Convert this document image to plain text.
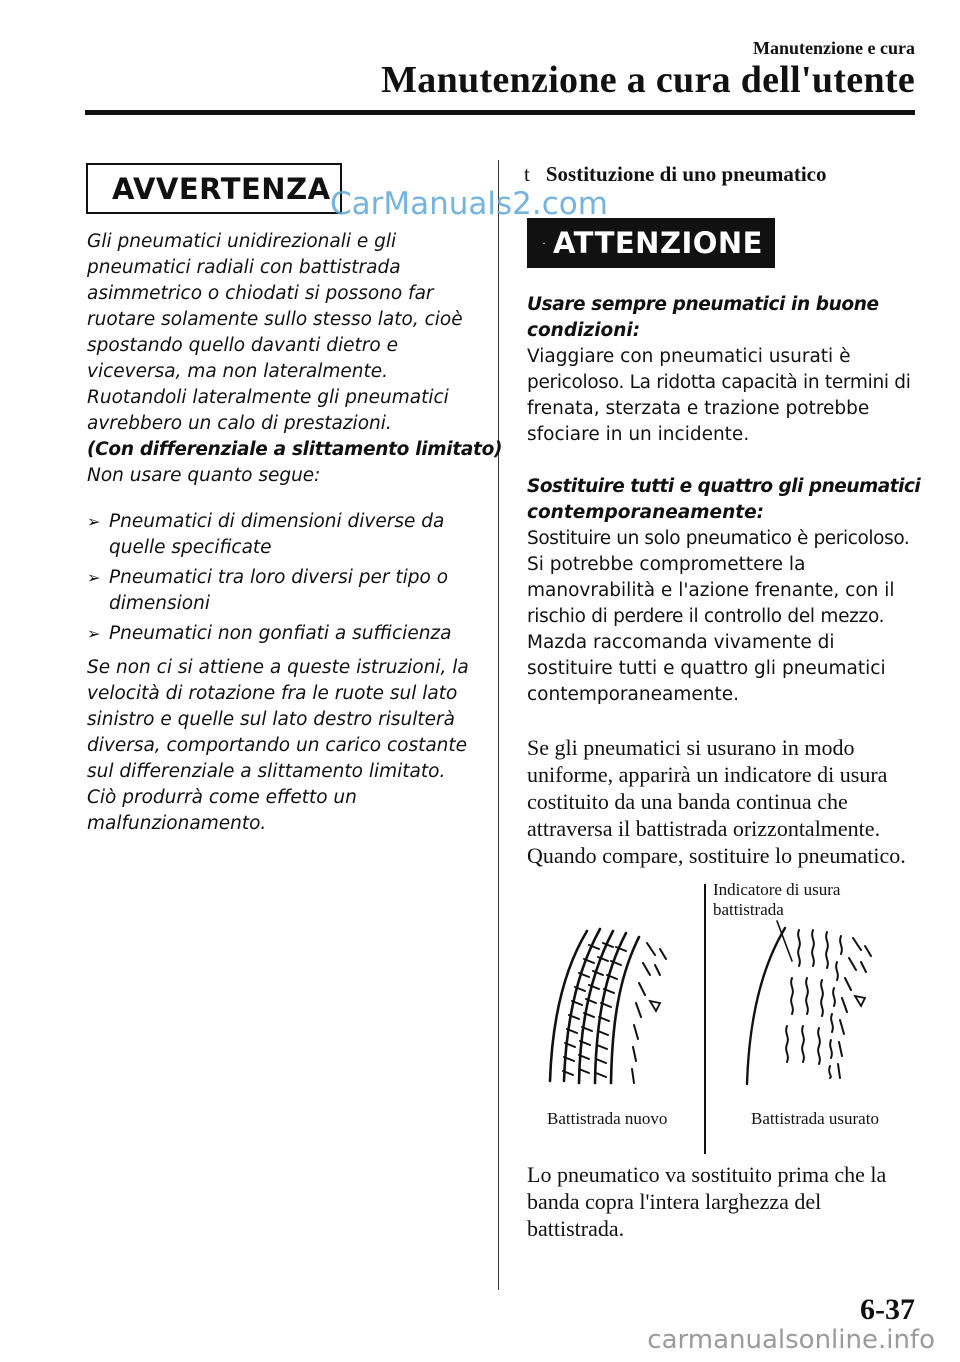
Manutenzione e cura
Manutenzione a cura dell'utente
AVVERTENZA
Gli pneumatici unidirezionali e gli
pneumatici radiali con battistrada
asimmetrico o chiodati si possono far
ruotare solamente sullo stesso lato, cioè
spostando quello davanti dietro e
viceversa, ma non lateralmente.
Ruotandoli lateralmente gli pneumatici
avrebbero un calo di prestazioni.
(Con differenziale a slittamento limitato)
Non usare quanto segue:
➢ Pneumatici di dimensioni diverse da
quelle specificate
➢ Pneumatici tra loro diversi per tipo o
dimensioni
➢ Pneumatici non gonfiati a sufficienza
Se non ci si attiene a queste istruzioni, la
velocità di rotazione fra le ruote sul lato
sinistro e quelle sul lato destro risulterà
diversa, comportando un carico costante
sul differenziale a slittamento limitato.
Ciò produrrà come effetto un
malfunzionamento.
t Sostituzione di uno pneumatico
ATTENZIONE
Usare sempre pneumatici in buone
condizioni:
Viaggiare con pneumatici usurati è
pericoloso. La ridotta capacità in termini di
frenata, sterzata e trazione potrebbe
sfociare in un incidente.
Sostituire tutti e quattro gli pneumatici
contemporaneamente:
Sostituire un solo pneumatico è pericoloso.
Si potrebbe compromettere la
manovrabilità e l'azione frenante, con il
rischio di perdere il controllo del mezzo.
Mazda raccomanda vivamente di
sostituire tutti e quattro gli pneumatici
contemporaneamente.
Se gli pneumatici si usurano in modo
uniforme, apparirà un indicatore di usura
costituito da una banda continua che
attraversa il battistrada orizzontalmente.
Quando compare, sostituire lo pneumatico.
Indicatore di usura
battistrada
Battistrada nuovo	Battistrada usurato
Lo pneumatico va sostituito prima che la
banda copra l'intera larghezza del
battistrada.
6-37
CarManuals2.com
carmanualsonline.info
